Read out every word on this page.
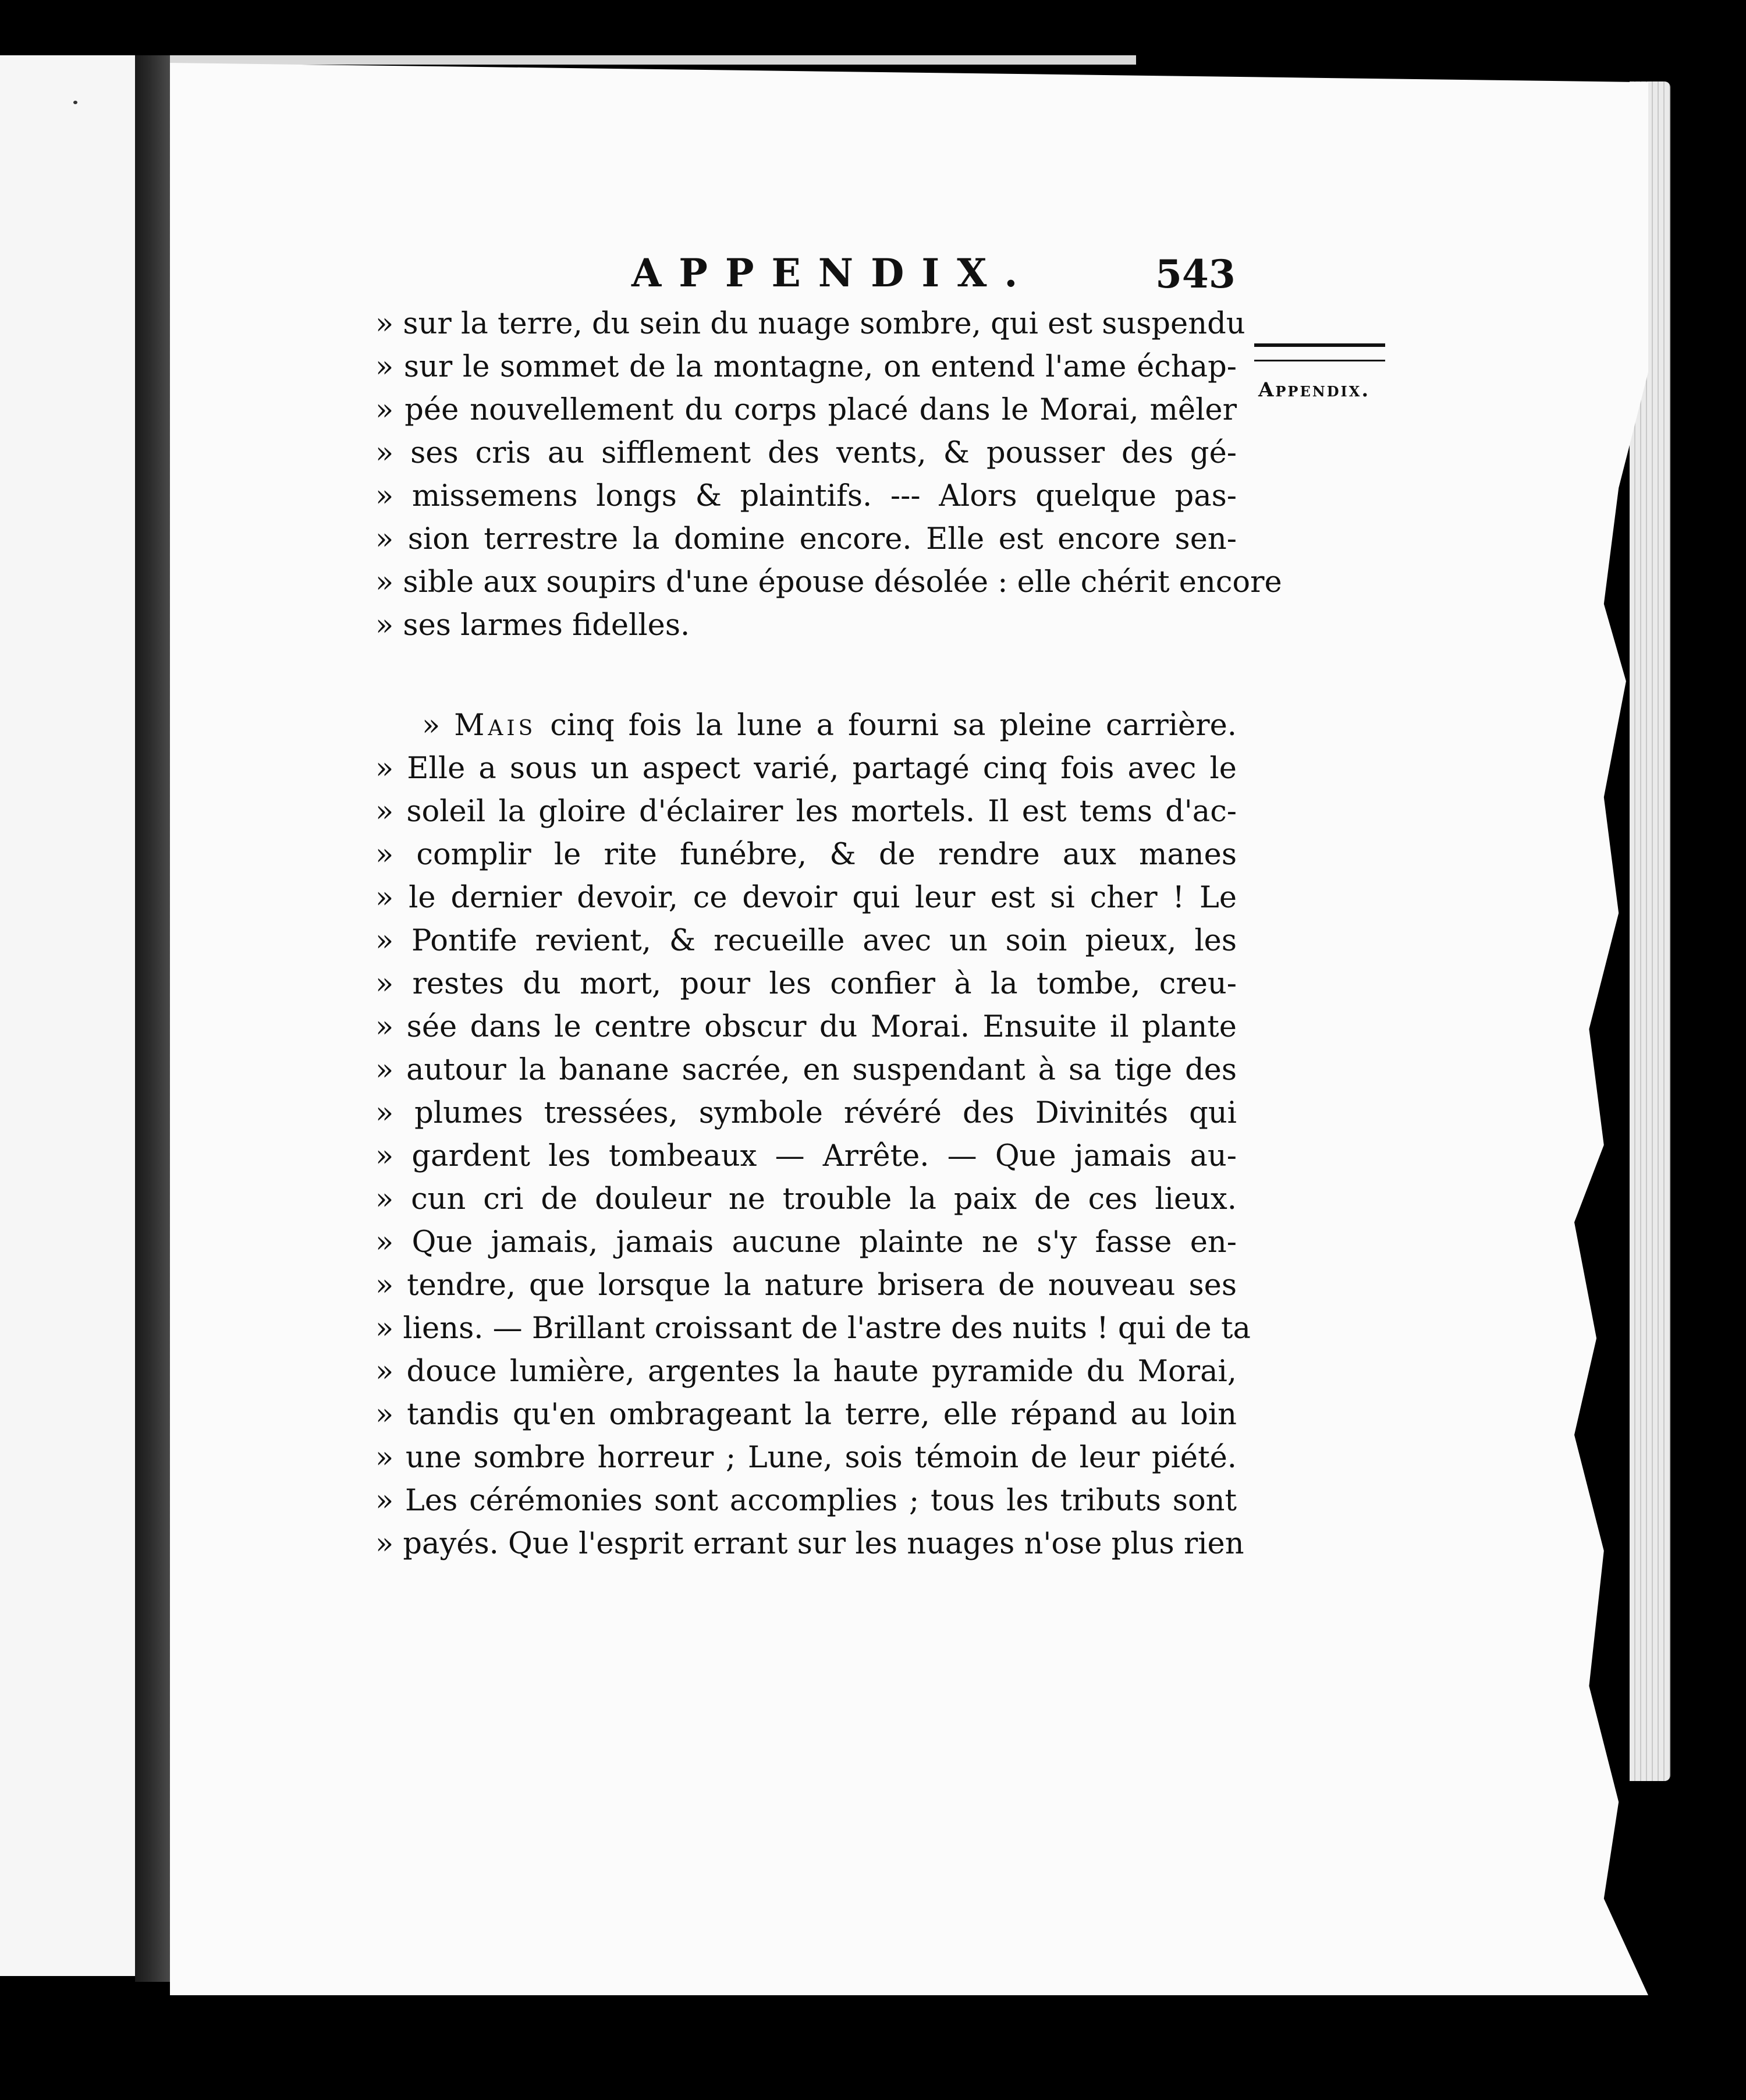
APPENDIX.	543
Appendix.
» sur la terre, du sein du nuage sombre, qui est suspendu
» sur le sommet de la montagne, on entend l'ame échap-
» pée nouvellement du corps placé dans le Morai, mêler
» ses cris au sifflement des vents, & pousser des gé-
» missemens longs & plaintifs. --- Alors quelque pas-
» sion terrestre la domine encore. Elle est encore sen-
» sible aux soupirs d'une épouse désolée : elle chérit encore
» ses larmes fidelles.
» Mais cinq fois la lune a fourni sa pleine carrière.
» Elle a sous un aspect varié, partagé cinq fois avec le
» soleil la gloire d'éclairer les mortels. Il est tems d'ac-
» complir le rite funébre, & de rendre aux manes
» le dernier devoir, ce devoir qui leur est si cher ! Le
» Pontife revient, & recueille avec un soin pieux, les
» restes du mort, pour les confier à la tombe, creu-
» sée dans le centre obscur du Morai. Ensuite il plante
» autour la banane sacrée, en suspendant à sa tige des
» plumes tressées, symbole révéré des Divinités qui
» gardent les tombeaux — Arrête. — Que jamais au-
» cun cri de douleur ne trouble la paix de ces lieux.
» Que jamais, jamais aucune plainte ne s'y fasse en-
» tendre, que lorsque la nature brisera de nouveau ses
» liens. — Brillant croissant de l'astre des nuits ! qui de ta
» douce lumière, argentes la haute pyramide du Morai,
» tandis qu'en ombrageant la terre, elle répand au loin
» une sombre horreur ; Lune, sois témoin de leur piété.
» Les cérémonies sont accomplies ; tous les tributs sont
» payés. Que l'esprit errant sur les nuages n'ose plus rien
